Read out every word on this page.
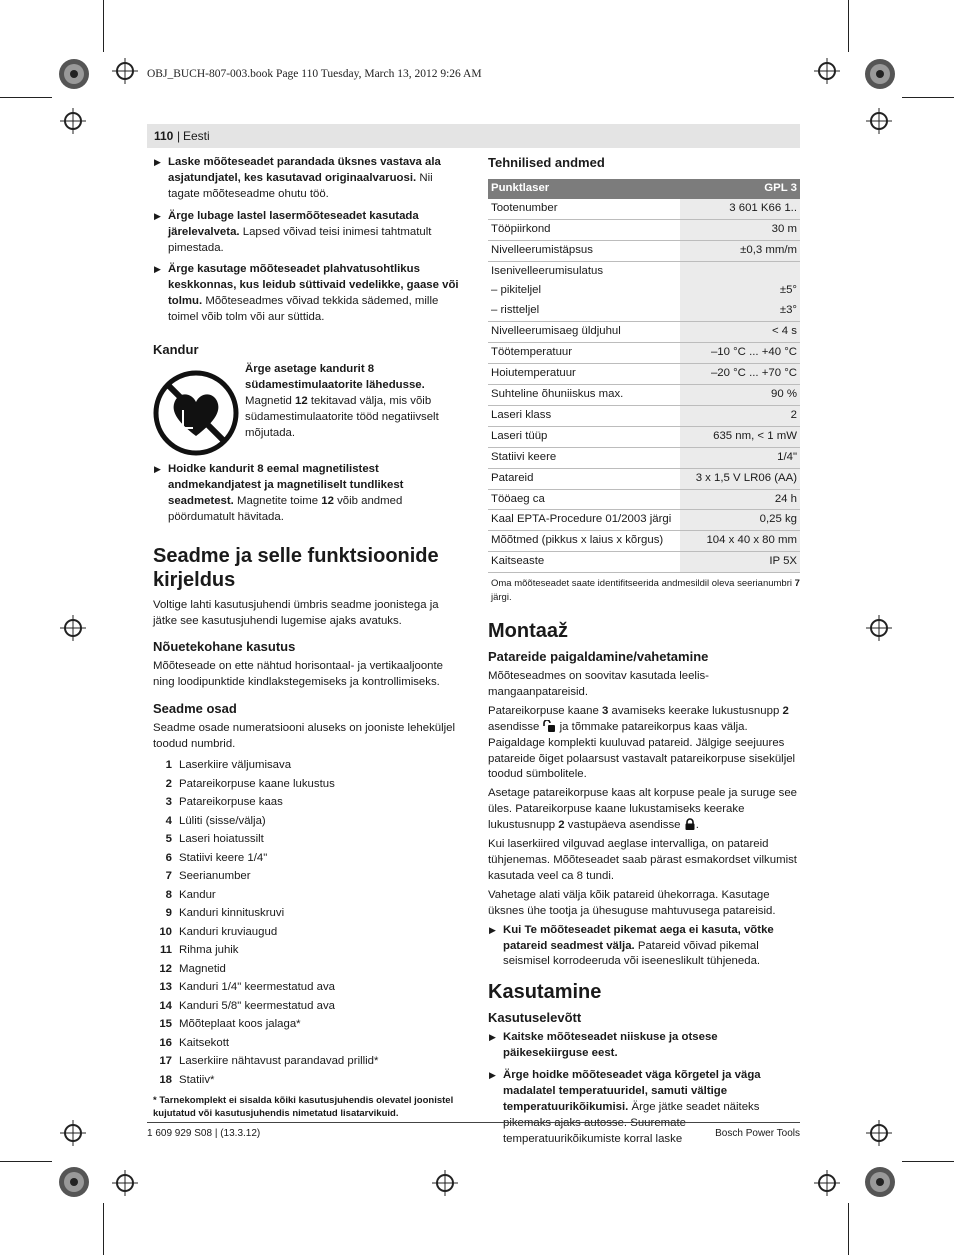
OBJ_BUCH-807-003.book Page 110 Tuesday, March 13, 2012 9:26 AM
110 | Eesti
▶ Laske mõõteseadet parandada üksnes vastava ala asjatundjatel, kes kasutavad originaalvaruosi. Nii tagate mõõteseadme ohutu töö.
▶ Ärge lubage lastel lasermõõteseadet kasutada järelevalveta. Lapsed võivad teisi inimesi tahtmatult pimestada.
▶ Ärge kasutage mõõteseadet plahvatusohtlikus keskkonnas, kus leidub süttivaid vedelikke, gaase või tolmu. Mõõteseadmes võivad tekkida sädemed, mille toimel võib tolm või aur süttida.
Kandur
Ärge asetage kandurit 8 südamestimulaatorite lähedusse. Magnetid 12 tekitavad välja, mis võib südamestimulaatorite tööd negatiivselt mõjutada.
▶ Hoidke kandurit 8 eemal magnetilistest andmekandjatest ja magnetiliselt tundlikest seadmetest. Magnetite toime 12 võib andmed pöördumatult hävitada.
Seadme ja selle funktsioonide kirjeldus

Voltige lahti kasutusjuhendi ümbris seadme joonistega ja jätke see kasutusjuhendi lugemise ajaks avatuks.

Nõuetekohane kasutus

Mõõteseade on ette nähtud horisontaal- ja vertikaaljoonte ning loodipunktide kindlakstegemiseks ja kontrollimiseks.

Seadme osad

Seadme osade numeratsiooni aluseks on jooniste leheküljel toodud numbrid.

1 Laserkiire väljumisava
2 Patareikorpuse kaane lukustus
3 Patareikorpuse kaas
4 Lüliti (sisse/välja)
5 Laseri hoiatussilt
6 Statiivi keere 1/4"
7 Seerianumber
8 Kandur
9 Kanduri kinnituskruvi
10 Kanduri kruviaugud
11 Rihma juhik
12 Magnetid
13 Kanduri 1/4" keermestatud ava
14 Kanduri 5/8" keermestatud ava
15 Mõõteplaat koos jalaga*
16 Kaitsekott
17 Laserkiire nähtavust parandavad prillid*
18 Statiiv*
* Tarnekomplekt ei sisalda kõiki kasutusjuhendis olevatel joonistel kujutatud või kasutusjuhendis nimetatud lisatarvikuid.
Tehnilised andmed
Punktlaser	GPL 3
Tootenumber	3 601 K66 1..
Tööpiirkond	30 m
Nivelleerumistäpsus	±0,3 mm/m
Isenivelleerumisulatus	
– pikiteljel	±5°
– ristteljel	±3°
Nivelleerumisaeg üldjuhul	< 4 s
Töötemperatuur	–10 °C ... +40 °C
Hoiutemperatuur	–20 °C ... +70 °C
Suhteline õhuniiskus max.	90 %
Laseri klass	2
Laseri tüüp	635 nm, < 1 mW
Statiivi keere	1/4"
Patareid	3 x 1,5 V LR06 (AA)
Tööaeg ca	24 h
Kaal EPTA-Procedure 01/2003 järgi	0,25 kg
Mõõtmed (pikkus x laius x kõrgus)	104 x 40 x 80 mm
Kaitseaste	IP 5X
Oma mõõteseadet saate identifitseerida andmesildil oleva seerianumbri 7 järgi.
Montaaž
Patareide paigaldamine/vahetamine

Mõõteseadmes on soovitav kasutada leelis-mangaanpatareisid.

Patareikorpuse kaane 3 avamiseks keerake lukustusnupp 2 asendisse  ja tõmmake patareikorpus kaas välja. Paigaldage komplekti kuuluvad patareid. Jälgige seejuures patareide õiget polaarsust vastavalt patareikorpuse siseküljel toodud sümbolitele.

Asetage patareikorpuse kaas alt korpuse peale ja suruge see üles. Patareikorpuse kaane lukustamiseks keerake lukustusnupp 2 vastupäeva asendisse .

Kui laserkiired vilguvad aeglase intervalliga, on patareid tühjenemas. Mõõteseadet saab pärast esmakordset vilkumist kasutada veel ca 8 tundi.

Vahetage alati välja kõik patareid ühekorraga. Kasutage üksnes ühe tootja ja ühesuguse mahtuvusega patareisid.

▶ Kui Te mõõteseadet pikemat aega ei kasuta, võtke patareid seadmest välja. Patareid võivad pikemal seismisel korrodeeruda või iseeneslikult tühjeneda.
Kasutamine
Kasutuselevõtt
▶ Kaitske mõõteseadet niiskuse ja otsese päikesekiirguse eest.
▶ Ärge hoidke mõõteseadet väga kõrgetel ja väga madalatel temperatuuridel, samuti vältige temperatuurikõikumisi. Ärge jätke seadet näiteks pikemaks ajaks autosse. Suuremate temperatuurikõikumiste korral laske
1 609 929 S08 | (13.3.12)	Bosch Power Tools
